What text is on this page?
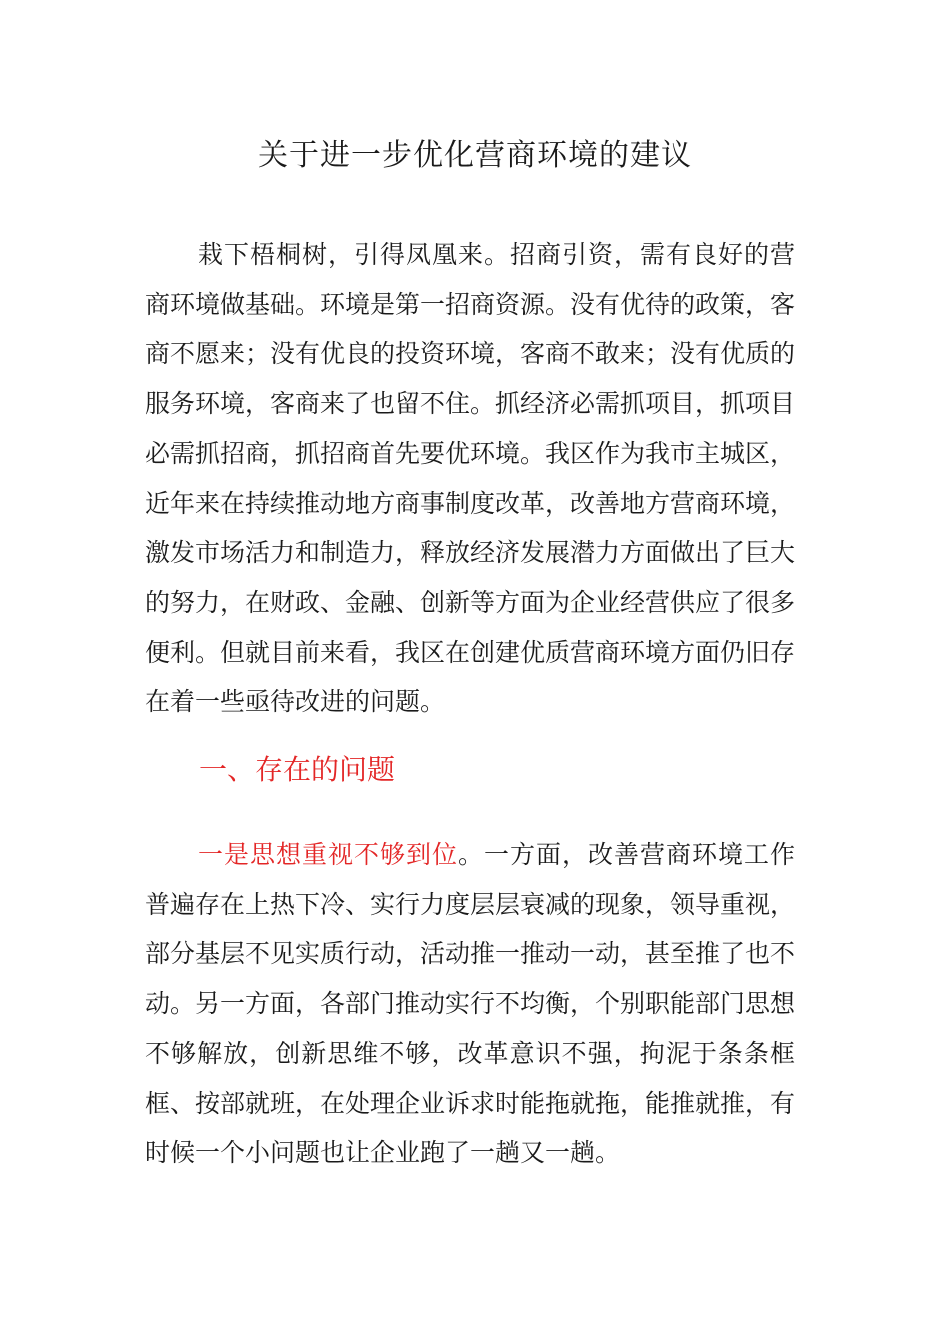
关于进一步优化营商环境的建议

栽下梧桐树，引得凤凰来。招商引资，需有良好的营商环境做基础。环境是第一招商资源。没有优待的政策，客商不愿来；没有优良的投资环境，客商不敢来；没有优质的服务环境，客商来了也留不住。抓经济必需抓项目，抓项目必需抓招商，抓招商首先要优环境。我区作为我市主城区，近年来在持续推动地方商事制度改革，改善地方营商环境，激发市场活力和制造力，释放经济发展潜力方面做出了巨大的努力，在财政、金融、创新等方面为企业经营供应了很多便利。但就目前来看，我区在创建优质营商环境方面仍旧存在着一些亟待改进的问题。

一、存在的问题

一是思想重视不够到位。一方面，改善营商环境工作普遍存在上热下冷、实行力度层层衰减的现象，领导重视，部分基层不见实质行动，活动推一推动一动，甚至推了也不动。另一方面，各部门推动实行不均衡，个别职能部门思想不够解放，创新思维不够，改革意识不强，拘泥于条条框框、按部就班，在处理企业诉求时能拖就拖，能推就推，有时候一个小问题也让企业跑了一趟又一趟。
